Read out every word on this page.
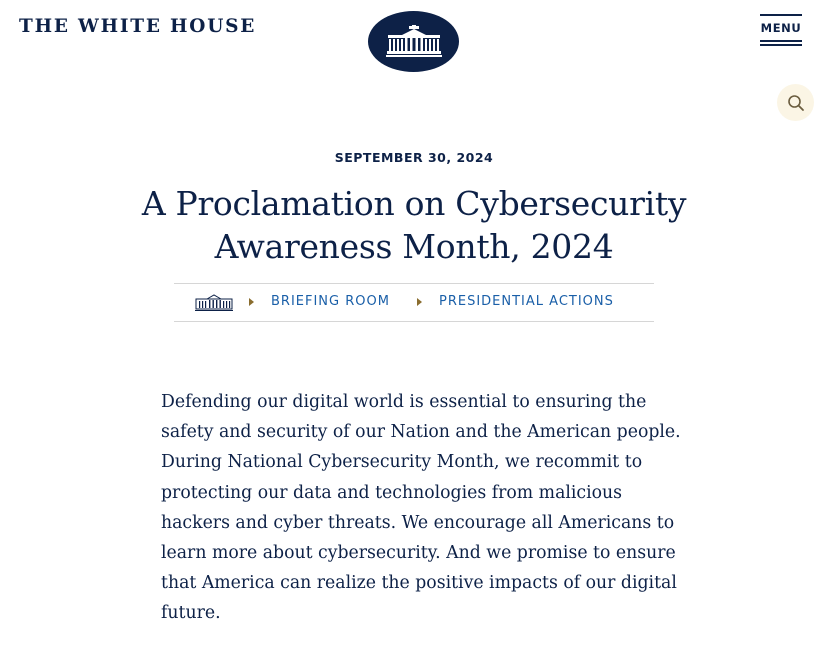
THE WHITE HOUSE	MENU
SEPTEMBER 30, 2024
A Proclamation on Cybersecurity Awareness Month, 2024
BRIEFING ROOM	PRESIDENTIAL ACTIONS

Defending our digital world is essential to ensuring the safety and security of our Nation and the American people. During National Cybersecurity Month, we recommit to protecting our data and technologies from malicious hackers and cyber threats. We encourage all Americans to learn more about cybersecurity. And we promise to ensure that America can realize the positive impacts of our digital future.
